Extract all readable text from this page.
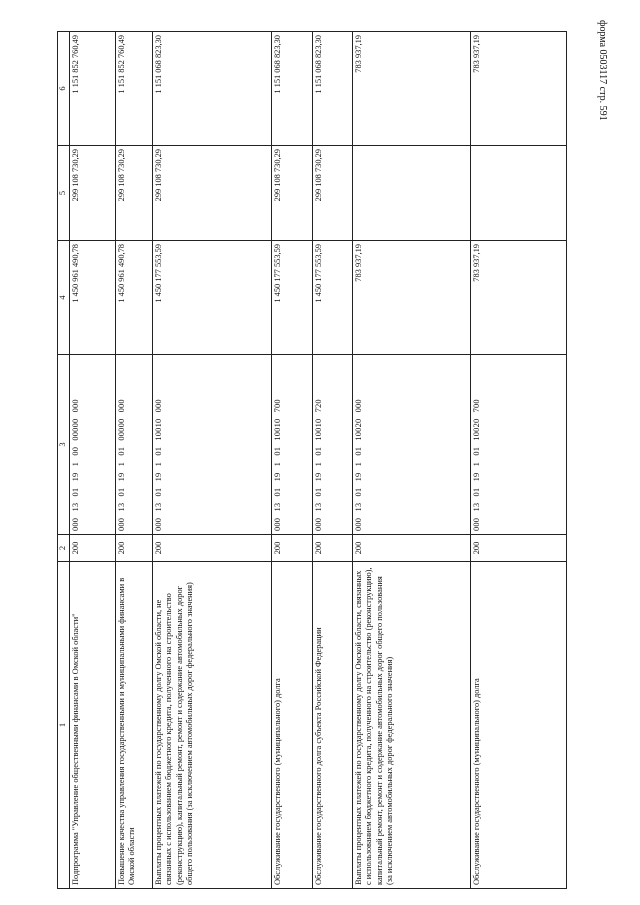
форма 0503117 стр. 591
1	2	3	4	5	6
Подпрограмма "Управление общественными финансами в Омской области"	200	000 13 01 19 1 00 00000 000	1 450 961 490,78	299 108 730,29	1 151 852 760,49
Повышение качества управления государственными и муниципальными финансами в Омской области	200	000 13 01 19 1 01 00000 000	1 450 961 490,78	299 108 730,29	1 151 852 760,49
Выплаты процентных платежей по государственному долгу Омской области, не связанных с использованием бюджетного кредита, полученного на строительство (реконструкцию), капитальный ремонт, ремонт и содержание автомобильных дорог общего пользования (за исключением автомобильных дорог федерального значения)	200	000 13 01 19 1 01 10010 000	1 450 177 553,59	299 108 730,29	1 151 068 823,30
Обслуживание государственного (муниципального) долга	200	000 13 01 19 1 01 10010 700	1 450 177 553,59	299 108 730,29	1 151 068 823,30
Обслуживание государственного долга субъекта Российской Федерации	200	000 13 01 19 1 01 10010 720	1 450 177 553,59	299 108 730,29	1 151 068 823,30
Выплаты процентных платежей по государственному долгу Омской области, связанных с использованием бюджетного кредита, полученного на строительство (реконструкцию), капитальный ремонт, ремонт и содержание автомобильных дорог общего пользования (за исключением автомобильных дорог федерального значения)	200	000 13 01 19 1 01 10020 000	783 937,19		783 937,19
Обслуживание государственного (муниципального) долга	200	000 13 01 19 1 01 10020 700	783 937,19		783 937,19
